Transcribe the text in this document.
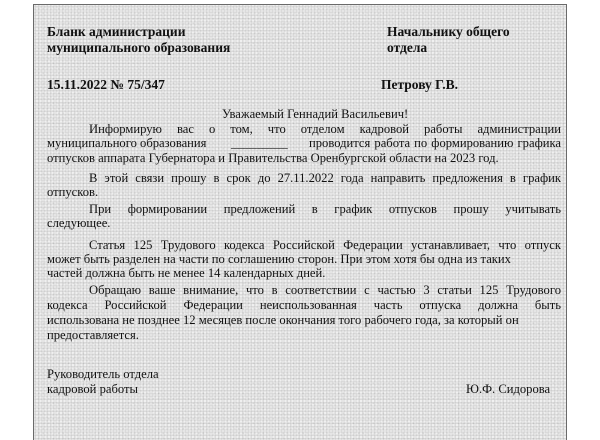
Бланк администрации
муниципального образования
Начальнику общего
отдела
15.11.2022 № 75/347	Петрову Г.В.
Уважаемый Геннадий Васильевич!
Информирую вас о том, что отделом кадровой работы администрации
муниципального образования _________ проводится работа по формированию графика
отпусков аппарата Губернатора и Правительства Оренбургской области на 2023 год.
В этой связи прошу в срок до 27.11.2022 года направить предложения в график
отпусков.
При формировании предложений в график отпусков прошу учитывать
следующее.
Статья 125 Трудового кодекса Российской Федерации устанавливает, что отпуск
может быть разделен на части по соглашению сторон. При этом хотя бы одна из таких
частей должна быть не менее 14 календарных дней.
Обращаю ваше внимание, что в соответствии с частью 3 статьи 125 Трудового
кодекса Российской Федерации неиспользованная часть отпуска должна быть
использована не позднее 12 месяцев после окончания того рабочего года, за который он
предоставляется.
Руководитель отдела
кадровой работы	Ю.Ф. Сидорова
